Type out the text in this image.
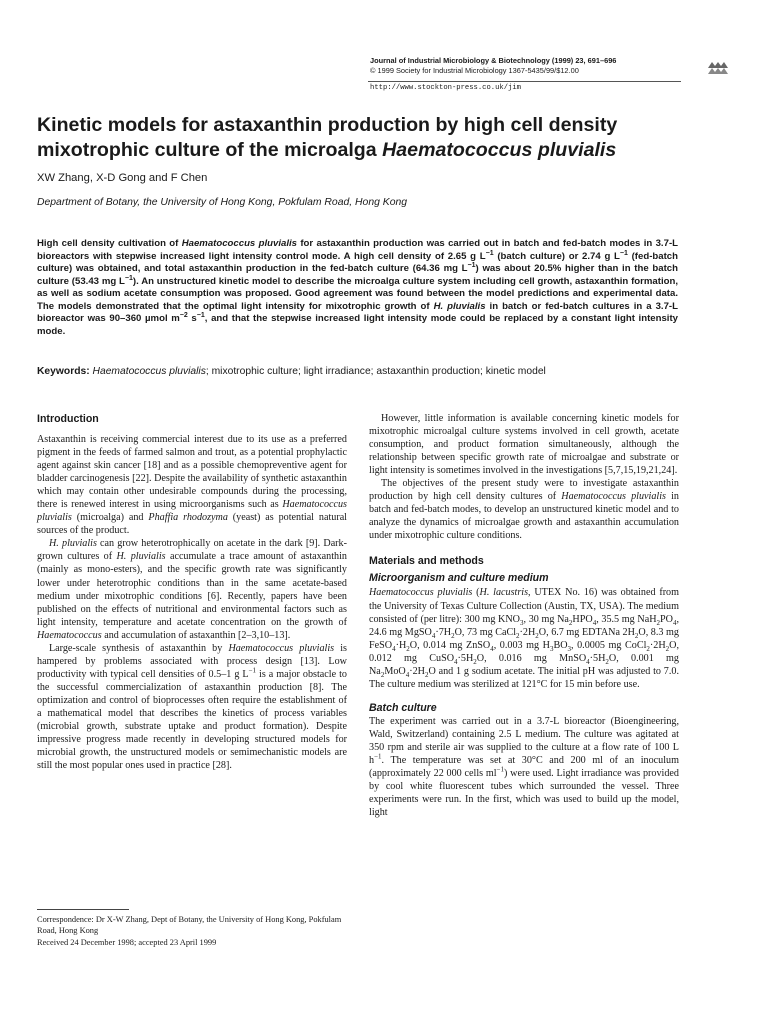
Journal of Industrial Microbiology & Biotechnology (1999) 23, 691–696
© 1999 Society for Industrial Microbiology 1367-5435/99/$12.00
http://www.stockton-press.co.uk/jim
Kinetic models for astaxanthin production by high cell density mixotrophic culture of the microalga Haematococcus pluvialis
XW Zhang, X-D Gong and F Chen
Department of Botany, the University of Hong Kong, Pokfulam Road, Hong Kong

High cell density cultivation of Haematococcus pluvialis for astaxanthin production was carried out in batch and fed-batch modes in 3.7-L bioreactors with stepwise increased light intensity control mode. A high cell density of 2.65 g $L^{-1}$ (batch culture) or 2.74 g $L^{-1}$ (fed-batch culture) was obtained, and total astaxanthin production in the fed-batch culture (64.36 mg $L^{-1}$) was about 20.5% higher than in the batch culture (53.43 mg $L^{-1}$). An unstructured kinetic model to describe the microalga culture system including cell growth, astaxanthin formation, as well as sodium acetate consumption was proposed. Good agreement was found between the model predictions and experimental data. The models demonstrated that the optimal light intensity for mixotrophic growth of H. pluvialis in batch or fed-batch cultures in a 3.7-L bioreactor was 90–360 µmol $m^{-2}$ $s^{-1}$, and that the stepwise increased light intensity mode could be replaced by a constant light intensity mode.

Keywords: Haematococcus pluvialis; mixotrophic culture; light irradiance; astaxanthin production; kinetic model
Introduction

Astaxanthin is receiving commercial interest due to its use as a preferred pigment in the feeds of farmed salmon and trout, as a potential prophylactic agent against skin cancer [18] and as a possible chemopreventive agent for bladder carcinogenesis [22]. Despite the availability of synthetic astaxanthin which may contain other undesirable compounds during the processing, there is renewed interest in using microorganisms such as Haematococcus pluvialis (microalga) and Phaffia rhodozyma (yeast) as potential natural sources of the product.

H. pluvialis can grow heterotrophically on acetate in the dark [9]. Dark-grown cultures of H. pluvialis accumulate a trace amount of astaxanthin (mainly as mono-esters), and the specific growth rate was significantly lower under heterotrophic conditions than in the same acetate-based medium under mixotrophic conditions [6]. Recently, papers have been published on the effects of nutritional and environmental factors such as light intensity, temperature and acetate concentration on the growth of Haematococcus and accumulation of astaxanthin [2–3,10–13].

Large-scale synthesis of astaxanthin by Haematococcus pluvialis is hampered by problems associated with process design [13]. Low productivity with typical cell densities of 0.5–1 g $L^{-1}$ is a major obstacle to the successful commercialization of astaxanthin production [8]. The optimization and control of bioprocesses often require the establishment of a mathematical model that describes the kinetics of process variables (microbial growth, substrate uptake and product formation). Despite impressive progress made recently in developing structured models for microbial growth, the unstructured models or semimechanistic models are still the most popular ones used in practice [28].

However, little information is available concerning kinetic models for mixotrophic microalgal culture systems involved in cell growth, acetate consumption, and product formation simultaneously, although the relationship between specific growth rate of microalgae and substrate or light intensity is sometimes involved in the investigations [5,7,15,19,21,24].

The objectives of the present study were to investigate astaxanthin production by high cell density cultures of Haematococcus pluvialis in batch and fed-batch modes, to develop an unstructured kinetic model and to analyze the dynamics of microalgae growth and astaxanthin accumulation under mixotrophic culture conditions.

Materials and methods
Microorganism and culture medium

Haematococcus pluvialis (H. lacustris, UTEX No. 16) was obtained from the University of Texas Culture Collection (Austin, TX, USA). The medium consisted of (per litre): 300 mg $KNO_3$, 30 mg $Na_2HPO_4$, 35.5 mg $NaH_2PO_4$, 24.6 mg $MgSO_4\cdot 7H_2O$, 73 mg $CaCl_2\cdot 2H_2O$, 6.7 mg EDTANa $2H_2O$, 8.3 mg $FeSO_4\cdot H_2O$, 0.014 mg ZnSO$_4$, 0.003 mg $H_3BO_3$, 0.0005 mg $CoCl_2\cdot 2H_2O$, 0.012 mg $CuSO_4\cdot 5H_2O$, 0.016 mg $MnSO_4\cdot 5H_2O$, 0.001 mg $Na_2MoO_4\cdot 2H_2O$ and 1 g sodium acetate. The initial pH was adjusted to 7.0. The culture medium was sterilized at 121°C for 15 min before use.

Batch culture

The experiment was carried out in a 3.7-L bioreactor (Bioengineering, Wald, Switzerland) containing 2.5 L medium. The culture was agitated at 350 rpm and sterile air was supplied to the culture at a flow rate of 100 L $h^{-1}$. The temperature was set at 30°C and 200 ml of an inoculum (approximately 22 000 cells $ml^{-1}$) were used. Light irradiance was provided by cool white fluorescent tubes which surrounded the vessel. Three experiments were run. In the first, which was used to build up the model, light

Correspondence: Dr X-W Zhang, Dept of Botany, the University of Hong Kong, Pokfulam Road, Hong Kong
Received 24 December 1998; accepted 23 April 1999
